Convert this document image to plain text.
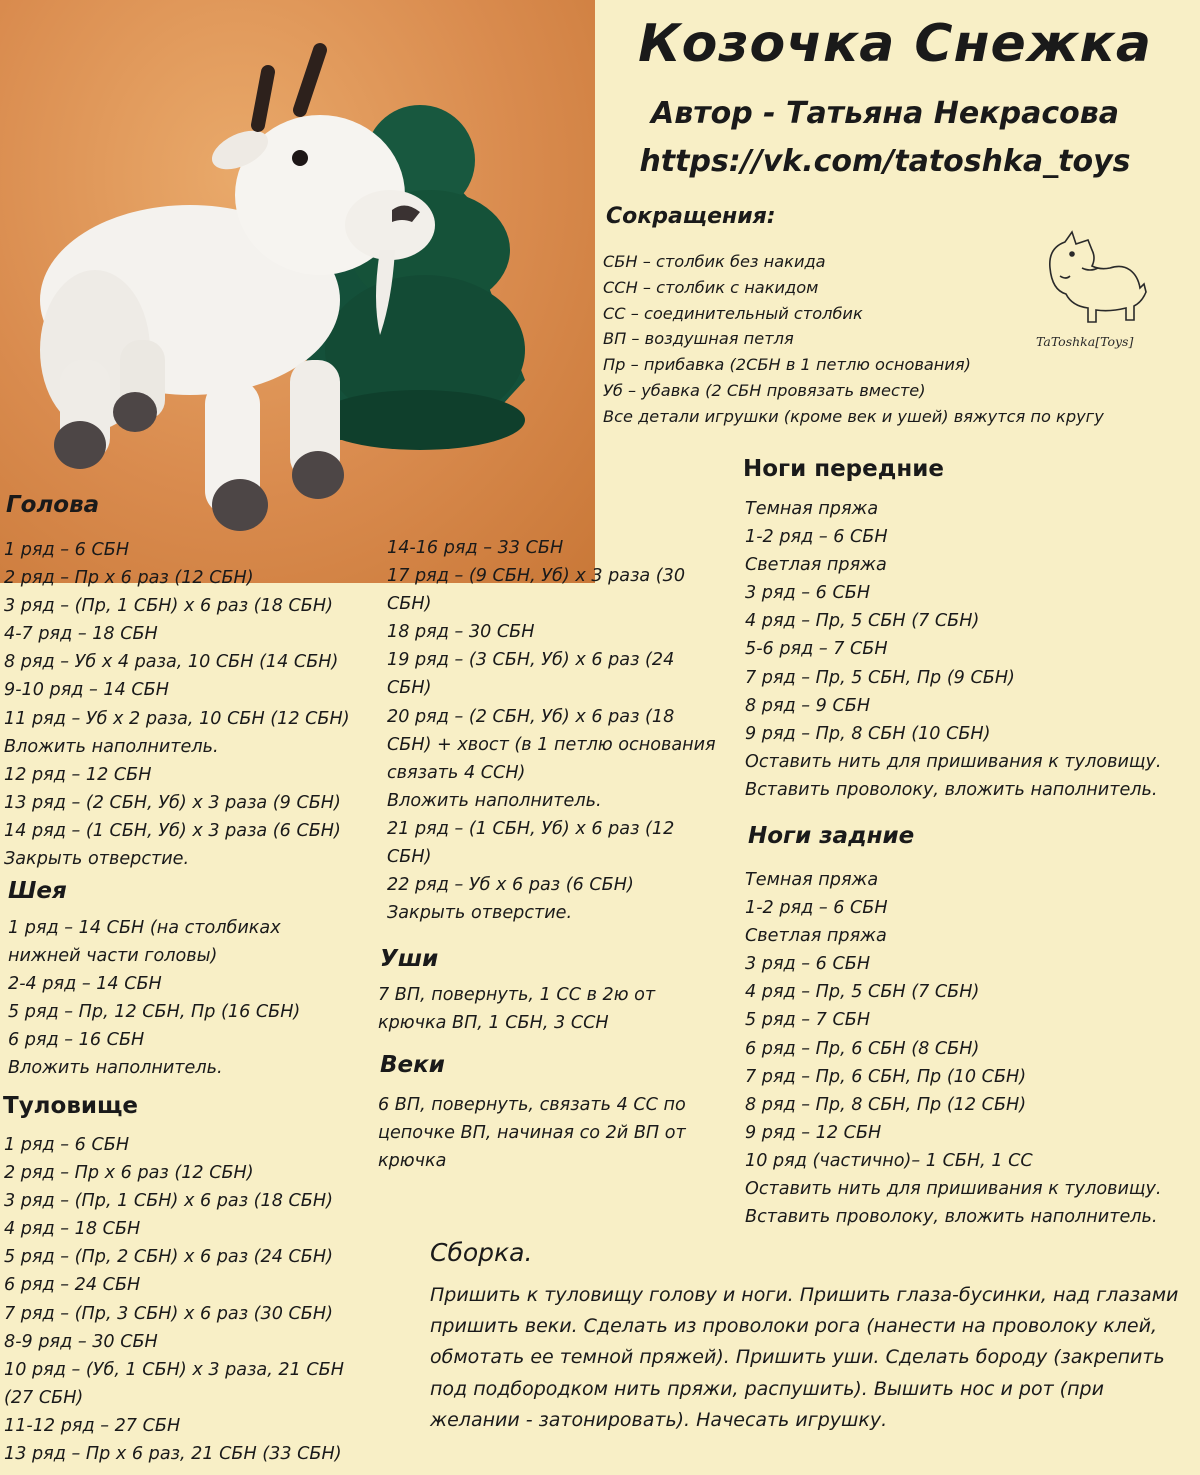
Козочка Снежка
Автор - Татьяна Некрасова
https://vk.com/tatoshka_toys
Сокращения:
СБН – столбик без накида
ССН – столбик с накидом
СС – соединительный столбик
ВП – воздушная петля
Пр – прибавка (2СБН в 1 петлю основания)
Уб – убавка (2 СБН провязать вместе)
Все детали игрушки (кроме век и ушей) вяжутся по кругу
TaToshka[Toys]
Голова
1 ряд – 6 СБН
2 ряд – Пр х 6 раз (12 СБН)
3 ряд – (Пр, 1 СБН) х 6 раз (18 СБН)
4-7 ряд – 18 СБН
8 ряд – Уб х 4 раза, 10 СБН (14 СБН)
9-10 ряд – 14 СБН
11 ряд – Уб х 2 раза, 10 СБН (12 СБН)
Вложить наполнитель.
12 ряд – 12 СБН
13 ряд – (2 СБН, Уб) х 3 раза (9 СБН)
14 ряд – (1 СБН, Уб) х 3 раза (6 СБН)
Закрыть отверстие.
Шея
1 ряд – 14 СБН (на столбиках
нижней части головы)
2-4 ряд – 14 СБН
5 ряд – Пр, 12 СБН, Пр (16 СБН)
6 ряд – 16 СБН
Вложить наполнитель.
Туловище
1 ряд – 6 СБН
2 ряд – Пр х 6 раз (12 СБН)
3 ряд – (Пр, 1 СБН) х 6 раз (18 СБН)
4 ряд – 18 СБН
5 ряд – (Пр, 2 СБН) х 6 раз (24 СБН)
6 ряд – 24 СБН
7 ряд – (Пр, 3 СБН) х 6 раз (30 СБН)
8-9 ряд – 30 СБН
10 ряд – (Уб, 1 СБН) х 3 раза, 21 СБН
(27 СБН)
11-12 ряд – 27 СБН
13 ряд – Пр х 6 раз, 21 СБН (33 СБН)
14-16 ряд – 33 СБН
17 ряд – (9 СБН, Уб) х 3 раза (30
СБН)
18 ряд – 30 СБН
19 ряд – (3 СБН, Уб) х 6 раз (24
СБН)
20 ряд – (2 СБН, Уб) х 6 раз (18
СБН) + хвост (в 1 петлю основания
связать 4 ССН)
Вложить наполнитель.
21 ряд – (1 СБН, Уб) х 6 раз (12
СБН)
22 ряд – Уб х 6 раз (6 СБН)
Закрыть отверстие.
Уши
7 ВП, повернуть, 1 СС в 2ю от
крючка ВП, 1 СБН, 3 ССН
Веки
6 ВП, повернуть, связать 4 СС по
цепочке ВП, начиная со 2й ВП от
крючка
Ноги передние
Темная пряжа
1-2 ряд – 6 СБН
Светлая пряжа
3 ряд – 6 СБН
4 ряд – Пр, 5 СБН (7 СБН)
5-6 ряд – 7 СБН
7 ряд – Пр, 5 СБН, Пр (9 СБН)
8 ряд – 9 СБН
9 ряд – Пр, 8 СБН (10 СБН)
Оставить нить для пришивания к туловищу.
Вставить проволоку, вложить наполнитель.
Ноги задние
Темная пряжа
1-2 ряд – 6 СБН
Светлая пряжа
3 ряд – 6 СБН
4 ряд – Пр, 5 СБН (7 СБН)
5 ряд – 7 СБН
6 ряд – Пр, 6 СБН (8 СБН)
7 ряд – Пр, 6 СБН, Пр (10 СБН)
8 ряд – Пр, 8 СБН, Пр (12 СБН)
9 ряд – 12 СБН
10 ряд (частично)– 1 СБН, 1 СС
Оставить нить для пришивания к туловищу.
Вставить проволоку, вложить наполнитель.
Сборка.

Пришить к туловищу голову и ноги. Пришить глаза-бусинки, над глазами пришить веки. Сделать из проволоки рога (нанести на проволоку клей, обмотать ее темной пряжей). Пришить уши. Сделать бороду (закрепить под подбородком нить пряжи, распушить). Вышить нос и рот (при желании - затонировать). Начесать игрушку.
